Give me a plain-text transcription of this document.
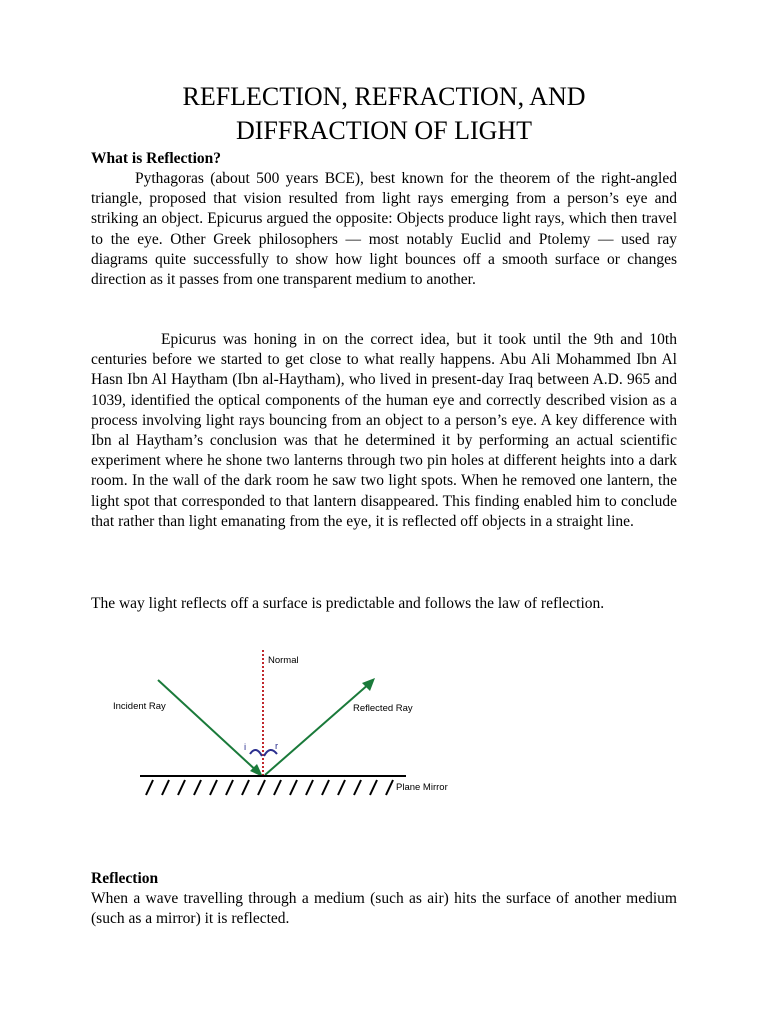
REFLECTION, REFRACTION, AND
DIFFRACTION OF LIGHT

What is Reflection?

Pythagoras (about 500 years BCE), best known for the theorem of the right-angled triangle, proposed that vision resulted from light rays emerging from a person’s eye and striking an object. Epicurus argued the opposite: Objects produce light rays, which then travel to the eye. Other Greek philosophers — most notably Euclid and Ptolemy — used ray diagrams quite successfully to show how light bounces off a smooth surface or changes direction as it passes from one transparent medium to another.

Epicurus was honing in on the correct idea, but it took until the 9th and 10th centuries before we started to get close to what really happens. Abu Ali Mohammed Ibn Al Hasn Ibn Al Haytham (Ibn al-Haytham), who lived in present-day Iraq between A.D. 965 and 1039, identified the optical components of the human eye and correctly described vision as a process involving light rays bouncing from an object to a person’s eye. A key difference with Ibn al Haytham’s conclusion was that he determined it by performing an actual scientific experiment where he shone two lanterns through two pin holes at different heights into a dark room. In the wall of the dark room he saw two light spots. When he removed one lantern, the light spot that corresponded to that lantern disappeared. This finding enabled him to conclude that rather than light emanating from the eye, it is reflected off objects in a straight line.

The way light reflects off a surface is predictable and follows the law of reflection.

i	r
Normal
Incident Ray	Reflected Ray
Plane Mirror

Reflection

When a wave travelling through a medium (such as air) hits the surface of another medium (such as a mirror) it is reflected.
